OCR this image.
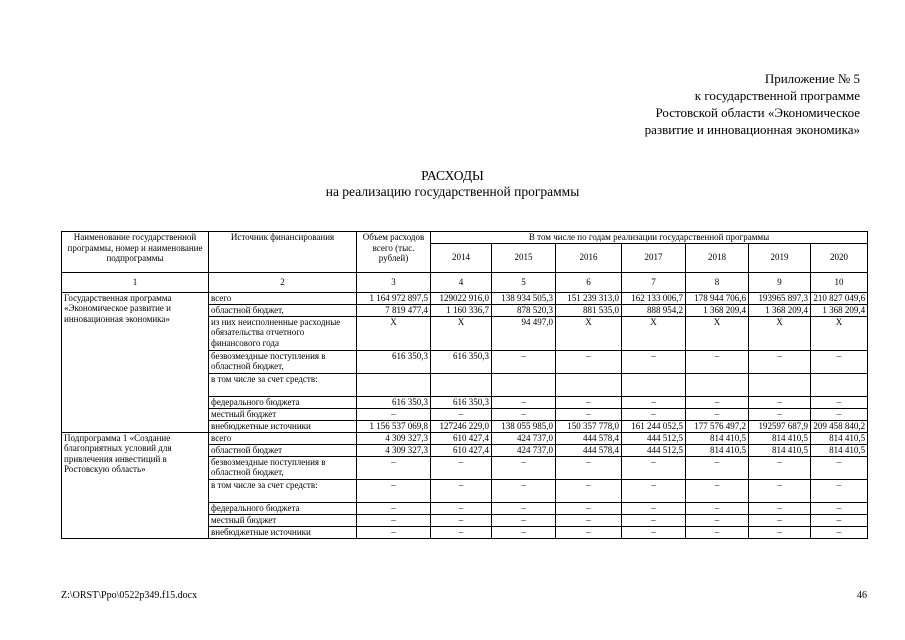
Приложение № 5
к государственной программе
Ростовской области «Экономическое
развитие и инновационная экономика»
РАСХОДЫ
на реализацию государственной программы
Наименование государственной программы, номер и наименование подпрограммы	Источник финансирования	Объем расходов всего (тыс. рублей)	В том числе по годам реализации государственной программы						
			2014	2015	2016	2017	2018	2019	2020
1	2	3	4	5	6	7	8	9	10
Государственная программа «Экономическое развитие и инновационная экономика»	всего	1 164 972 897,5	129022 916,0	138 934 505,3	151 239 313,0	162 133 006,7	178 944 706,6	193965 897,3	210 827 049,6
	областной бюджет,	7 819 477,4	1 160 336,7	878 520,3	881 535,0	888 954,2	1 368 209,4	1 368 209,4	1 368 209,4
	из них неисполненные расходные обязательства отчетного финансового года	X	X	94 497,0	X	X	X	X	X
	безвозмездные поступления в областной бюджет,	616 350,3	616 350,3	–	–	–	–	–	–
	в том числе за счет средств:								
	федерального бюджета	616 350,3	616 350,3	–	–	–	–	–	–
	местный бюджет	–	–	–	–	–	–	–	–
	внебюджетные источники	1 156 537 069,8	127246 229,0	138 055 985,0	150 357 778,0	161 244 052,5	177 576 497,2	192597 687,9	209 458 840,2
Подпрограмма 1 «Создание благоприятных условий для привлечения инвестиций в Ростовскую область»	всего	4 309 327,3	610 427,4	424 737,0	444 578,4	444 512,5	814 410,5	814 410,5	814 410,5
	областной бюджет	4 309 327,3	610 427,4	424 737,0	444 578,4	444 512,5	814 410,5	814 410,5	814 410,5
	безвозмездные поступления в областной бюджет,	–	–	–	–	–	–	–	–
	в том числе за счет средств:	–	–	–	–	–	–	–	–
	федерального бюджета	–	–	–	–	–	–	–	–
	местный бюджет	–	–	–	–	–	–	–	–
	внебюджетные источники	–	–	–	–	–	–	–	–
Z:\ORST\Ppo\0522p349.f15.docx	46
